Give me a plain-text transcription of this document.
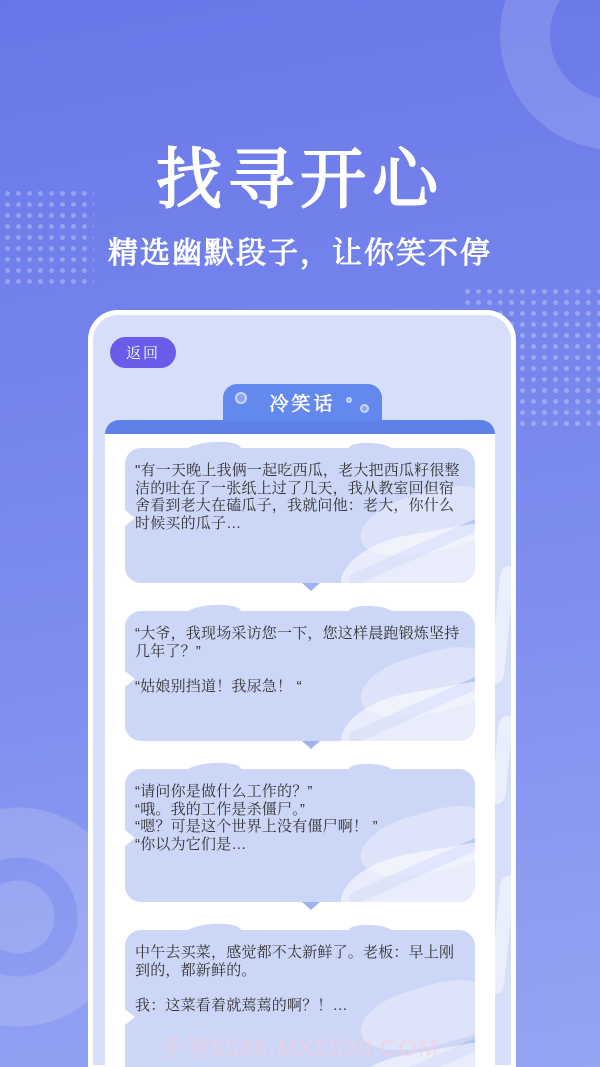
找寻开心
精选幽默段子，让你笑不停
返回
冷笑话
"有一天晚上我俩一起吃西瓜，老大把西瓜籽很整洁的吐在了一张纸上过了几天，我从教室回但宿舍看到老大在磕瓜子，我就问他：老大，你什么时候买的瓜子…
“大爷，我现场采访您一下，您这样晨跑锻炼坚持几年了？”
“姑娘别挡道！我尿急！ “
“请问你是做什么工作的？”
“哦。我的工作是杀僵尸。”
“嗯？可是这个世界上没有僵尸啊！ ”
“你以为它们是…
中午去买菜，感觉都不太新鲜了。老板：早上刚到的，都新鲜的。
我：这菜看着就蔫蔫的啊？！…
手游5588·MX5588.COM
